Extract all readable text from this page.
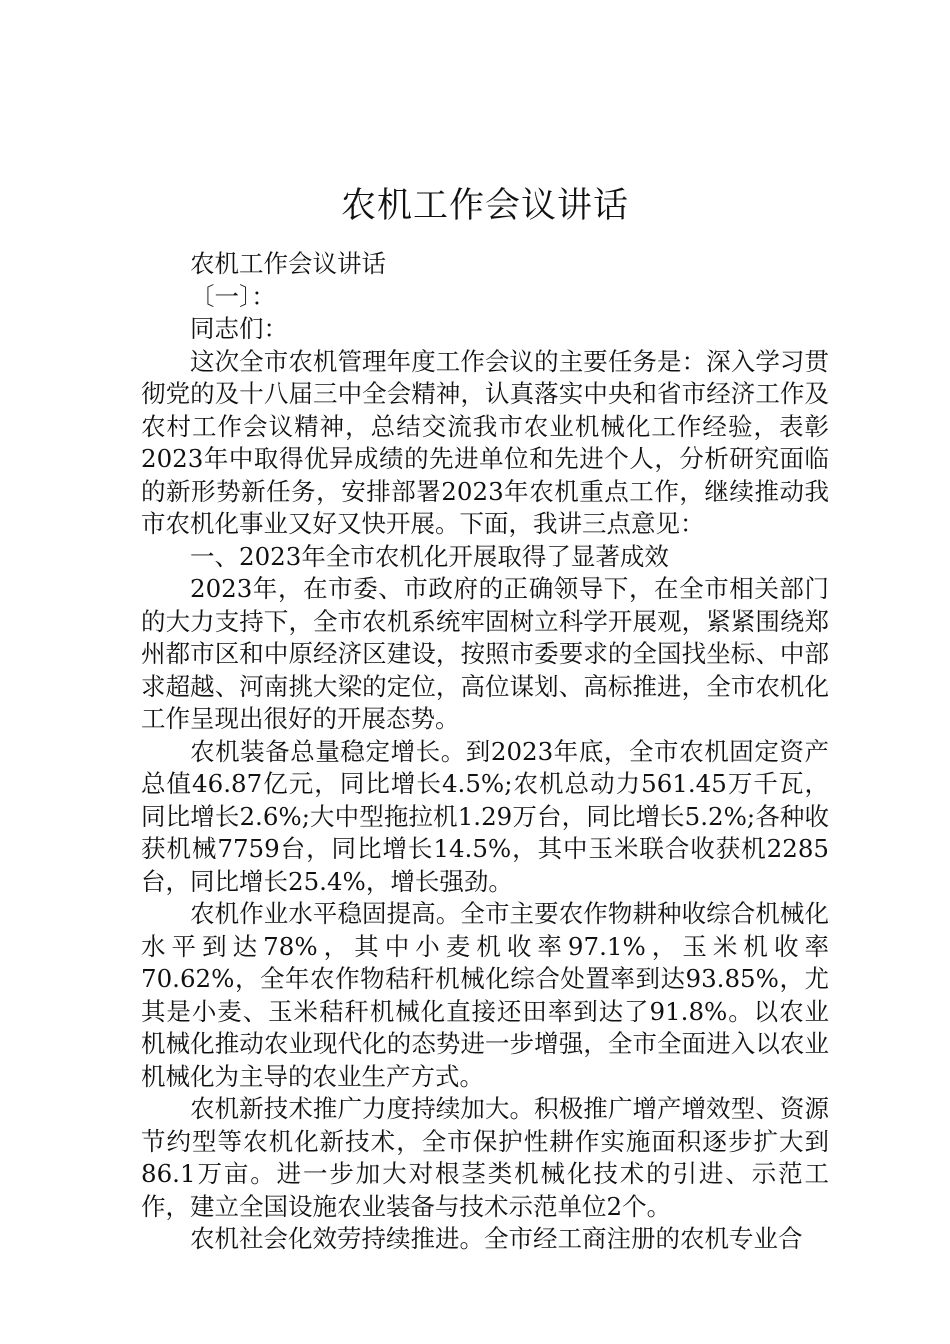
农机工作会议讲话

农机工作会议讲话

〔一〕：

同志们：

这次全市农机管理年度工作会议的主要任务是：深入学习贯彻党的及十八届三中全会精神，认真落实中央和省市经济工作及农村工作会议精神，总结交流我市农业机械化工作经验，表彰2023年中取得优异成绩的先进单位和先进个人，分析研究面临的新形势新任务，安排部署2023年农机重点工作，继续推动我市农机化事业又好又快开展。下面，我讲三点意见：

一、2023年全市农机化开展取得了显著成效

2023年，在市委、市政府的正确领导下，在全市相关部门的大力支持下，全市农机系统牢固树立科学开展观，紧紧围绕郑州都市区和中原经济区建设，按照市委要求的全国找坐标、中部求超越、河南挑大梁的定位，高位谋划、高标推进，全市农机化工作呈现出很好的开展态势。

农机装备总量稳定增长。到2023年底，全市农机固定资产总值46.87亿元，同比增长4.5%;农机总动力561.45万千瓦，同比增长2.6%;大中型拖拉机1.29万台，同比增长5.2%;各种收获机械7759台，同比增长14.5%，其中玉米联合收获机2285台，同比增长25.4%，增长强劲。

农机作业水平稳固提高。全市主要农作物耕种收综合机械化水平到达78%，其中小麦机收率97.1%，玉米机收率70.62%，全年农作物秸秆机械化综合处置率到达93.85%，尤其是小麦、玉米秸秆机械化直接还田率到达了91.8%。以农业机械化推动农业现代化的态势进一步增强，全市全面进入以农业机械化为主导的农业生产方式。

农机新技术推广力度持续加大。积极推广增产增效型、资源节约型等农机化新技术，全市保护性耕作实施面积逐步扩大到86.1万亩。进一步加大对根茎类机械化技术的引进、示范工作，建立全国设施农业装备与技术示范单位2个。

农机社会化效劳持续推进。全市经工商注册的农机专业合
